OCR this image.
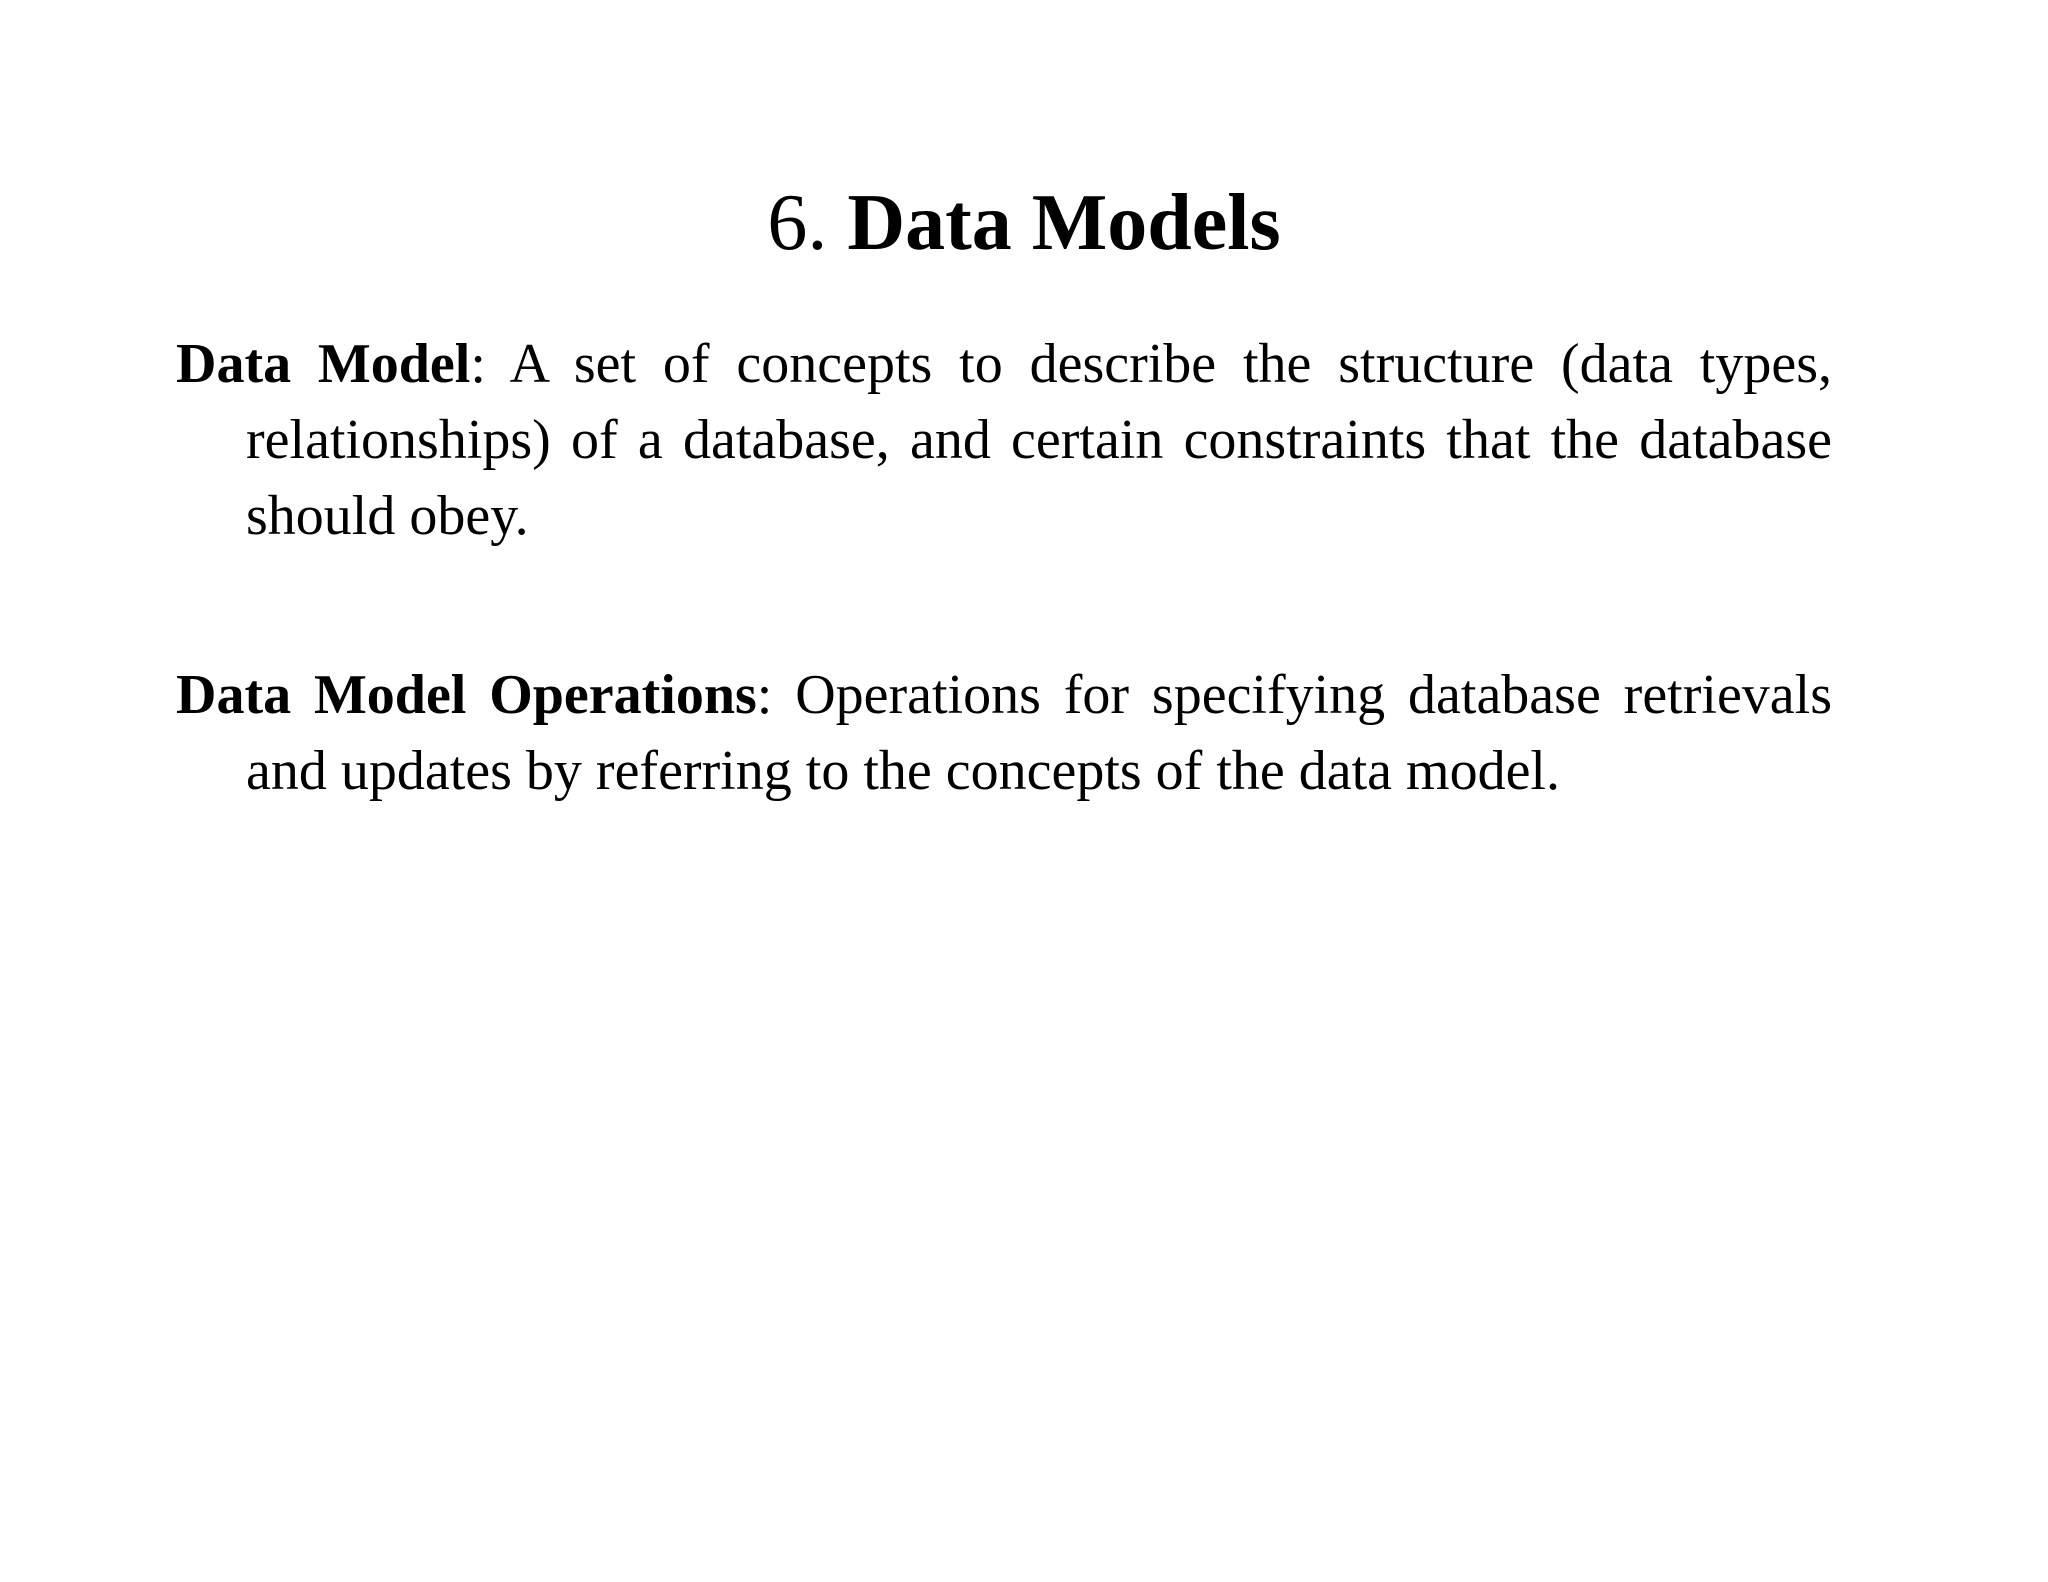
6. Data Models

Data Model: A set of concepts to describe the structure (data types, relationships) of a database, and certain constraints that the database should obey.

Data Model Operations: Operations for specifying database retrievals and updates by referring to the concepts of the data model.
